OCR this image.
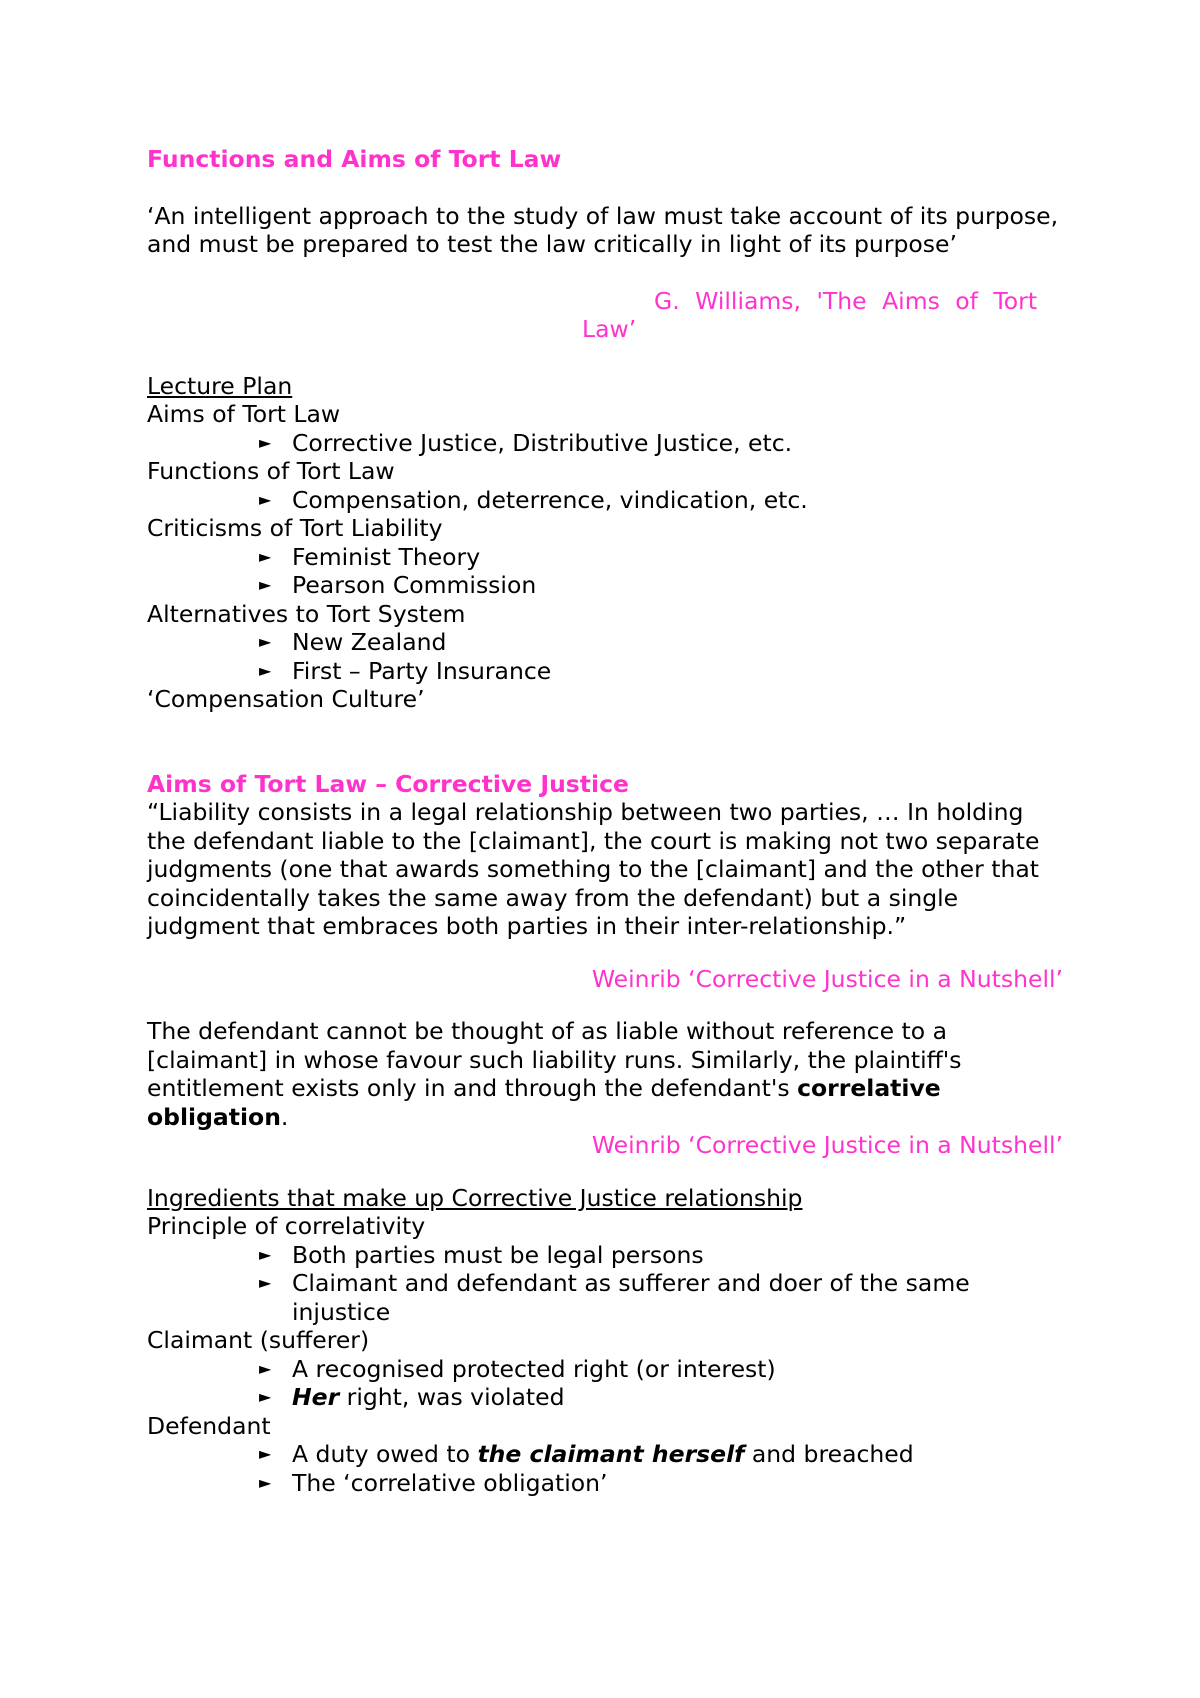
Functions and Aims of Tort Law

‘An intelligent approach to the study of law must take account of its purpose, and must be prepared to test the law critically in light of its purpose’

G. Williams, 'The Aims of Tort
Law’

Lecture Plan

Aims of Tort Law

► Corrective Justice, Distributive Justice, etc.

Functions of Tort Law

► Compensation, deterrence, vindication, etc.

Criticisms of Tort Liability

► Feminist Theory
► Pearson Commission

Alternatives to Tort System

► New Zealand
► First – Party Insurance

‘Compensation Culture’

Aims of Tort Law – Corrective Justice

“Liability consists in a legal relationship between two parties, … In holding the defendant liable to the [claimant], the court is making not two separate judgments (one that awards something to the [claimant] and the other that coincidentally takes the same away from the defendant) but a single judgment that embraces both parties in their inter-relationship.”

Weinrib ‘Corrective Justice in a Nutshell’

The defendant cannot be thought of as liable without reference to a [claimant] in whose favour such liability runs. Similarly, the plaintiff's entitlement exists only in and through the defendant's correlative obligation.

Weinrib ‘Corrective Justice in a Nutshell’

Ingredients that make up Corrective Justice relationship

Principle of correlativity

► Both parties must be legal persons
► Claimant and defendant as sufferer and doer of the same injustice

Claimant (sufferer)

► A recognised protected right (or interest)
► Her right, was violated

Defendant

► A duty owed to the claimant herself and breached
► The ‘correlative obligation’
